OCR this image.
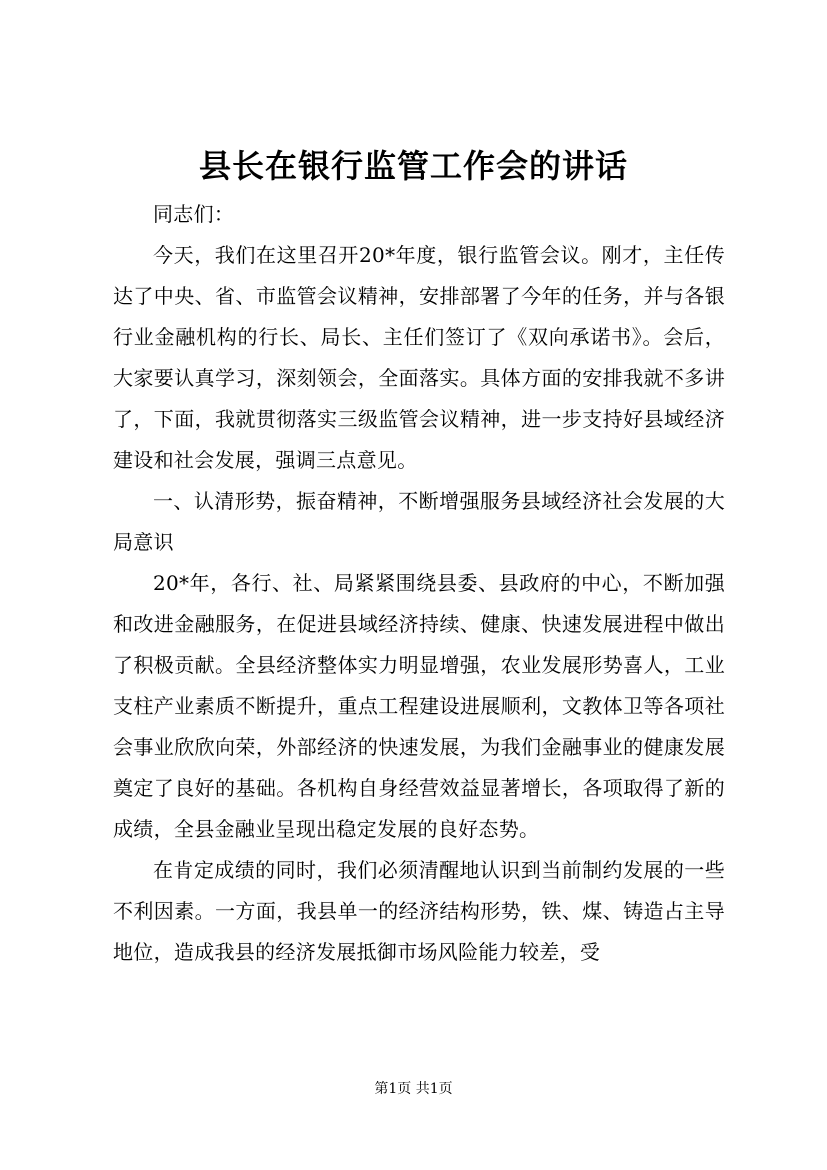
县长在银行监管工作会的讲话

同志们：

今天，我们在这里召开20*年度，银行监管会议。刚才，主任传达了中央、省、市监管会议精神，安排部署了今年的任务，并与各银行业金融机构的行长、局长、主任们签订了《双向承诺书》。会后，大家要认真学习，深刻领会，全面落实。具体方面的安排我就不多讲了，下面，我就贯彻落实三级监管会议精神，进一步支持好县域经济建设和社会发展，强调三点意见。

一、认清形势，振奋精神，不断增强服务县域经济社会发展的大局意识

20*年，各行、社、局紧紧围绕县委、县政府的中心，不断加强和改进金融服务，在促进县域经济持续、健康、快速发展进程中做出了积极贡献。全县经济整体实力明显增强，农业发展形势喜人，工业支柱产业素质不断提升，重点工程建设进展顺利，文教体卫等各项社会事业欣欣向荣，外部经济的快速发展，为我们金融事业的健康发展奠定了良好的基础。各机构自身经营效益显著增长，各项取得了新的成绩，全县金融业呈现出稳定发展的良好态势。

在肯定成绩的同时，我们必须清醒地认识到当前制约发展的一些不利因素。一方面，我县单一的经济结构形势，铁、煤、铸造占主导地位，造成我县的经济发展抵御市场风险能力较差，受

第1页 共1页
